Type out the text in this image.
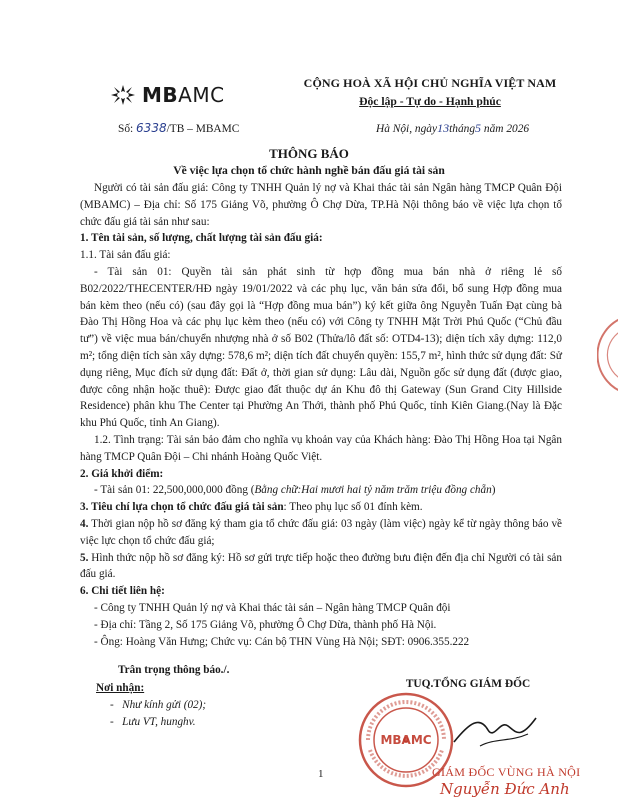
MBAMC	CỘNG HOÀ XÃ HỘI CHỦ NGHĨA VIỆT NAM
Độc lập - Tự do - Hạnh phúc
Số: 6338/TB – MBAMC	Hà Nội, ngày13tháng5 năm 2026
THÔNG BÁO
Về việc lựa chọn tổ chức hành nghề bán đấu giá tài sản

Người có tài sản đấu giá: Công ty TNHH Quản lý nợ và Khai thác tài sản Ngân hàng TMCP Quân Đội (MBAMC) – Địa chỉ: Số 175 Giảng Võ, phường Ô Chợ Dừa, TP.Hà Nội thông báo về việc lựa chọn tổ chức đấu giá tài sản như sau:

1. Tên tài sản, số lượng, chất lượng tài sản đấu giá:

1.1. Tài sản đấu giá:

- Tài sản 01: Quyền tài sản phát sinh từ hợp đồng mua bán nhà ở riêng lẻ số B02/2022/THECENTER/HĐ ngày 19/01/2022 và các phụ lục, văn bản sửa đổi, bổ sung Hợp đồng mua bán kèm theo (nếu có) (sau đây gọi là “Hợp đồng mua bán”) ký kết giữa ông Nguyễn Tuấn Đạt cùng bà Đào Thị Hồng Hoa và các phụ lục kèm theo (nếu có) với Công ty TNHH Mặt Trời Phú Quốc (“Chủ đầu tư”) về việc mua bán/chuyển nhượng nhà ở số B02 (Thửa/lô đất số: OTD4-13); diện tích xây dựng: 112,0 m²; tổng diện tích sàn xây dựng: 578,6 m²; diện tích đất chuyển quyền: 155,7 m², hình thức sử dụng đất: Sử dụng riêng, Mục đích sử dụng đất: Đất ở, thời gian sử dụng: Lâu dài, Nguồn gốc sử dụng đất (được giao, được công nhận hoặc thuê): Được giao đất thuộc dự án Khu đô thị Gateway (Sun Grand City Hillside Residence) phân khu The Center tại Phường An Thới, thành phố Phú Quốc, tỉnh Kiên Giang.(Nay là Đặc khu Phú Quốc, tỉnh An Giang).

1.2. Tình trạng: Tài sản bảo đảm cho nghĩa vụ khoản vay của Khách hàng: Đào Thị Hồng Hoa tại Ngân hàng TMCP Quân Đội – Chi nhánh Hoàng Quốc Việt.

2. Giá khởi điểm:

- Tài sản 01: 22,500,000,000 đồng (Bằng chữ:Hai mươi hai tỷ năm trăm triệu đồng chẵn)

3. Tiêu chí lựa chọn tổ chức đấu giá tài sản: Theo phụ lục số 01 đính kèm.

4. Thời gian nộp hồ sơ đăng ký tham gia tổ chức đấu giá: 03 ngày (làm việc) ngày kể từ ngày thông báo về việc lực chọn tổ chức đấu giá;

5. Hình thức nộp hồ sơ đăng ký: Hồ sơ gửi trực tiếp hoặc theo đường bưu điện đến địa chỉ Người có tài sản đấu giá.

6. Chi tiết liên hệ:

- Công ty TNHH Quản lý nợ và Khai thác tài sản – Ngân hàng TMCP Quân đội

- Địa chỉ: Tầng 2, Số 175 Giảng Võ, phường Ô Chợ Dừa, thành phố Hà Nội.

- Ông: Hoàng Văn Hưng; Chức vụ: Cán bộ THN Vùng Hà Nội; SĐT: 0906.355.222

Trân trọng thông báo./.
Nơi nhận:
-   Như kính gửi (02);
-   Lưu VT, hunghv.
TUQ.TỔNG GIÁM ĐỐC
MBAMC
GIÁM ĐỐC VÙNG HÀ NỘI
Nguyễn Đức Anh
1
